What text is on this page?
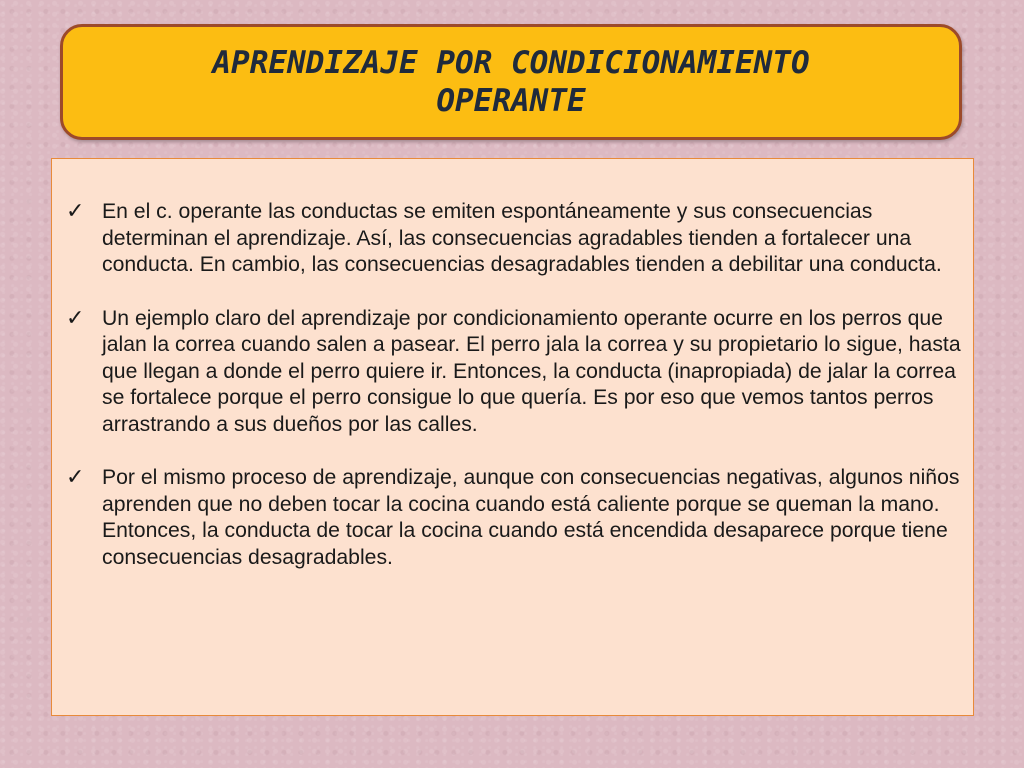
APRENDIZAJE POR CONDICIONAMIENTO
OPERANTE
✓ En el c. operante las conductas se emiten espontáneamente y sus consecuencias determinan el aprendizaje. Así, las consecuencias agradables tienden a fortalecer una conducta. En cambio, las consecuencias desagradables tienden a debilitar una conducta.

✓ Un ejemplo claro del aprendizaje por condicionamiento operante ocurre en los perros que jalan la correa cuando salen a pasear. El perro jala la correa y su propietario lo sigue, hasta que llegan a donde el perro quiere ir. Entonces, la conducta (inapropiada) de jalar la correa se fortalece porque el perro consigue lo que quería. Es por eso que vemos tantos perros arrastrando a sus dueños por las calles.

✓ Por el mismo proceso de aprendizaje, aunque con consecuencias negativas, algunos niños aprenden que no deben tocar la cocina cuando está caliente porque se queman la mano. Entonces, la conducta de tocar la cocina cuando está encendida desaparece porque tiene consecuencias desagradables.
